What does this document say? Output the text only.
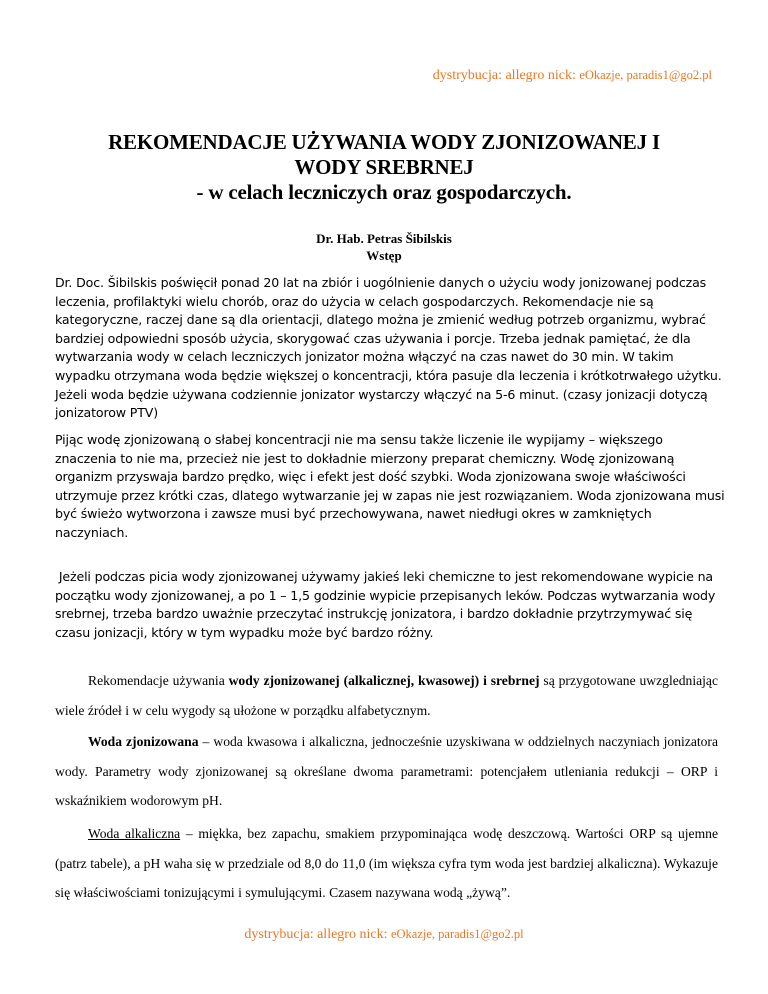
dystrybucja: allegro nick: eOkazje, paradis1@go2.pl
REKOMENDACJE UŻYWANIA WODY ZJONIZOWANEJ I
WODY SREBRNEJ
- w celach leczniczych oraz gospodarczych.
Dr. Hab. Petras Šibilskis
Wstęp
Dr. Doc. Šibilskis poświęcił ponad 20 lat na zbiór i uogólnienie danych o użyciu wody jonizowanej podczas leczenia, profilaktyki wielu chorób, oraz do użycia w celach gospodarczych. Rekomendacje nie są kategoryczne, raczej dane są dla orientacji, dlatego można je zmienić według potrzeb organizmu, wybrać bardziej odpowiedni sposób użycia, skorygować czas używania i porcje. Trzeba jednak pamiętać, że dla wytwarzania wody w celach leczniczych jonizator można włączyć na czas nawet do 30 min. W takim wypadku otrzymana woda będzie większej o koncentracji, która pasuje dla leczenia i krótkotrwałego użytku. Jeżeli woda będzie używana codziennie jonizator wystarczy włączyć na 5-6 minut. (czasy jonizacji dotyczą jonizatorow PTV)
Pijąc wodę zjonizowaną o słabej koncentracji nie ma sensu także liczenie ile wypijamy – większego znaczenia to nie ma, przecież nie jest to dokładnie mierzony preparat chemiczny. Wodę zjonizowaną organizm przyswaja bardzo prędko, więc i efekt jest dość szybki. Woda zjonizowana swoje właściwości utrzymuje przez krótki czas, dlatego wytwarzanie jej w zapas nie jest rozwiązaniem. Woda zjonizowana musi być świeżo wytworzona i zawsze musi być przechowywana, nawet niedługi okres w zamkniętych naczyniach.
Jeżeli podczas picia wody zjonizowanej używamy jakieś leki chemiczne to jest rekomendowane wypicie na początku wody zjonizowanej, a po 1 – 1,5 godzinie wypicie przepisanych leków. Podczas wytwarzania wody srebrnej, trzeba bardzo uważnie przeczytać instrukcję jonizatora, i bardzo dokładnie przytrzymywać się czasu jonizacji, który w tym wypadku może być bardzo różny.
Rekomendacje używania wody zjonizowanej (alkalicznej, kwasowej) i srebrnej są przygotowane uwzgledniając wiele źródeł i w celu wygody są ułożone w porządku alfabetycznym.
Woda zjonizowana – woda kwasowa i alkaliczna, jednocześnie uzyskiwana w oddzielnych naczyniach jonizatora wody. Parametry wody zjonizowanej są określane dwoma parametrami: potencjałem utleniania redukcji – ORP i wskaźnikiem wodorowym pH.
Woda alkaliczna – miękka, bez zapachu, smakiem przypominająca wodę deszczową. Wartości ORP są ujemne (patrz tabele), a pH waha się w przedziale od 8,0 do 11,0 (im większa cyfra tym woda jest bardziej alkaliczna). Wykazuje się właściwościami tonizującymi i symulującymi. Czasem nazywana wodą „żywą”.
dystrybucja: allegro nick: eOkazje, paradis1@go2.pl
